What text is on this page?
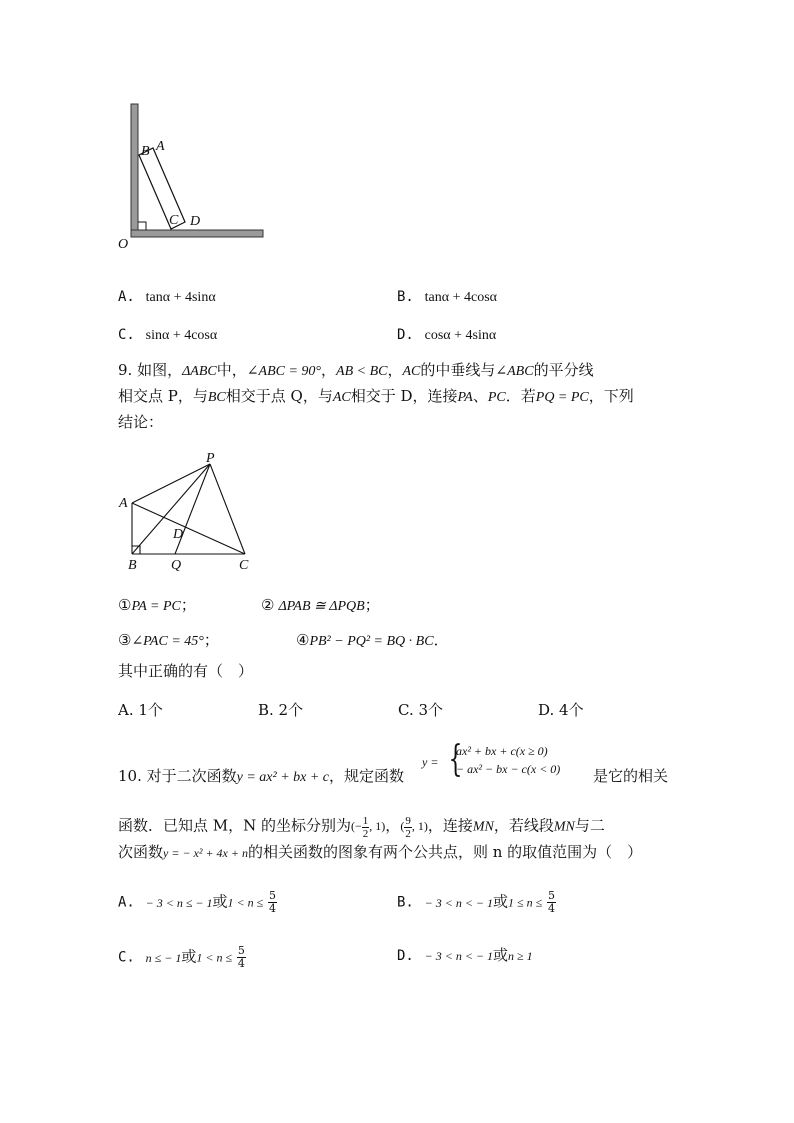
B A
C D
O
A. tanα + 4sinα	B. tanα + 4cosα
C. sinα + 4cosα	D. cosα + 4sinα
9. 如图，ΔABC中，∠ABC = 90°，AB < BC，AC的中垂线与∠ABC的平分线
相交点 P，与BC相交于点 Q，与AC相交于 D，连接PA、PC．若PQ = PC，下列
结论：
P
A
D
B Q	C
①PA = PC；	② ΔPAB ≅ ΔPQB；
③∠PAC = 45°；	④PB² − PQ² = BQ · BC．
其中正确的有（　）
A. 1个	B. 2个	C. 3个	D. 4个
10. 对于二次函数y = ax² + bx + c，规定函数
y = {
ax² + bx + c(x ≥ 0)
− ax² − bx − c(x < 0) 是它的相关
函数．已知点 M，N 的坐标分别为(− $\frac{1}{2}$ , 1)，( $\frac{9}{2}$ , 1)，连接MN，若线段MN与二
次函数y = − x² + 4x + n的相关函数的图象有两个公共点，则 n 的取值范围为（　）
A. − 3 < n ≤ − 1或$1 < n \le \frac{5}{4}$	B. − 3 < n < − 1或$1 \le n \le \frac{5}{4}$
C. n ≤ − 1或$1 < n \le \frac{5}{4}$	D. − 3 < n < − 1或n ≥ 1
